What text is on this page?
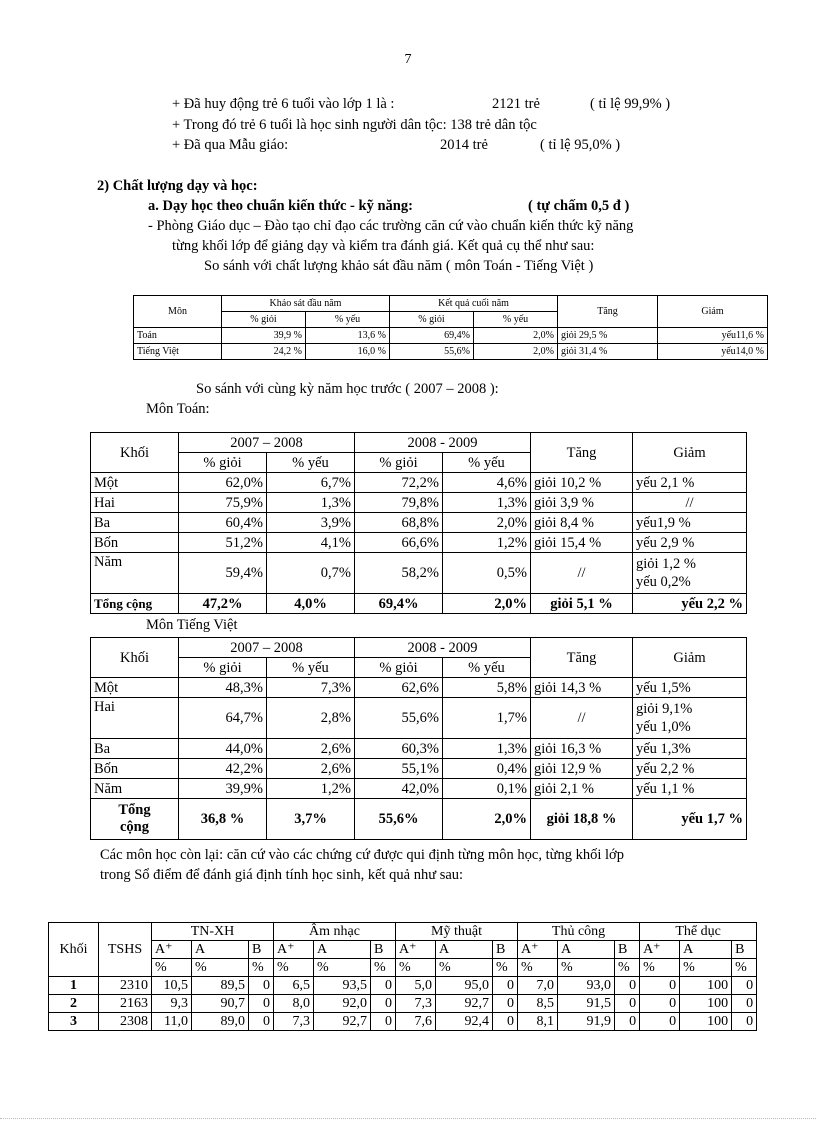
7
+ Đã huy động trẻ 6 tuổi vào lớp 1 là :	2121 trẻ	( tỉ lệ 99,9% )
+ Trong đó trẻ 6 tuổi là học sinh người dân tộc: 138 trẻ dân tộc
+ Đã qua Mẫu giáo:	2014 trẻ	( tỉ lệ 95,0% )
2) Chất lượng dạy và học:
a. Dạy học theo chuẩn kiến thức - kỹ năng:	( tự chấm 0,5 đ )
- Phòng Giáo dục – Đào tạo chỉ đạo các trường căn cứ vào chuẩn kiến thức kỹ năng
từng khối lớp để giảng dạy và kiểm tra đánh giá. Kết quả cụ thể như sau:
So sánh với chất lượng khảo sát đầu năm ( môn Toán - Tiếng Việt )
Môn	Khảo sát đầu năm		Kết quả cuối năm		Tăng	Giảm
	% giỏi	% yếu	% giỏi	% yếu		
Toán	39,9 %	13,6 %	69,4%	2,0%	giỏi 29,5 %	yếu11,6 %
Tiếng Việt	24,2 %	16,0 %	55,6%	2,0%	giỏi 31,4 %	yếu14,0 %
So sánh với cùng kỳ năm học trước ( 2007 – 2008 ):
Môn Toán:
Khối	2007 – 2008		2008 - 2009		Tăng	Giảm
	% giỏi	% yếu	% giỏi	% yếu		
Một	62,0%	6,7%	72,2%	4,6%	giỏi 10,2 %	yếu 2,1 %
Hai	75,9%	1,3%	79,8%	1,3%	giỏi 3,9 %	//
Ba	60,4%	3,9%	68,8%	2,0%	giỏi 8,4 %	yếu1,9 %
Bốn	51,2%	4,1%	66,6%	1,2%	giỏi 15,4 %	yếu 2,9 %
Năm	59,4%	0,7%	58,2%	0,5%	//	giỏi 1,2 %
yếu 0,2%

Tổng cộng	47,2%	4,0%	69,4%	2,0%	giỏi 5,1 %	yếu 2,2 %
Môn Tiếng Việt
Khối	2007 – 2008		2008 - 2009		Tăng	Giảm
	% giỏi	% yếu	% giỏi	% yếu		
Một	48,3%	7,3%	62,6%	5,8%	giỏi 14,3 %	yếu 1,5%
Hai	64,7%	2,8%	55,6%	1,7%	//	giỏi 9,1%
yếu 1,0%

Ba	44,0%	2,6%	60,3%	1,3%	giỏi 16,3 %	yếu 1,3%
Bốn	42,2%	2,6%	55,1%	0,4%	giỏi 12,9 %	yếu 2,2 %
Năm	39,9%	1,2%	42,0%	0,1%	giỏi 2,1 %	yếu 1,1 %

Tổng
cộng	36,8 %	3,7%	55,6%	2,0%	giỏi 18,8 %	yếu 1,7 %
Các môn học còn lại: căn cứ vào các chứng cứ được qui định từng môn học, từng khối lớp
trong Sổ điểm để đánh giá định tính học sinh, kết quả như sau:
Khối	TSHS	TN-XH			Âm nhạc			Mỹ thuật			Thủ công			Thể dục		
		A⁺	A	B	A⁺	A	B	A⁺	A	B	A⁺	A	B	A⁺	A	B
		%	%	%	%	%	%	%	%	%	%	%	%	%	%	%
1	2310	10,5	89,5	0	6,5	93,5	0	5,0	95,0	0	7,0	93,0	0	0	100	0
2	2163	9,3	90,7	0	8,0	92,0	0	7,3	92,7	0	8,5	91,5	0	0	100	0
3	2308	11,0	89,0	0	7,3	92,7	0	7,6	92,4	0	8,1	91,9	0	0	100	0
